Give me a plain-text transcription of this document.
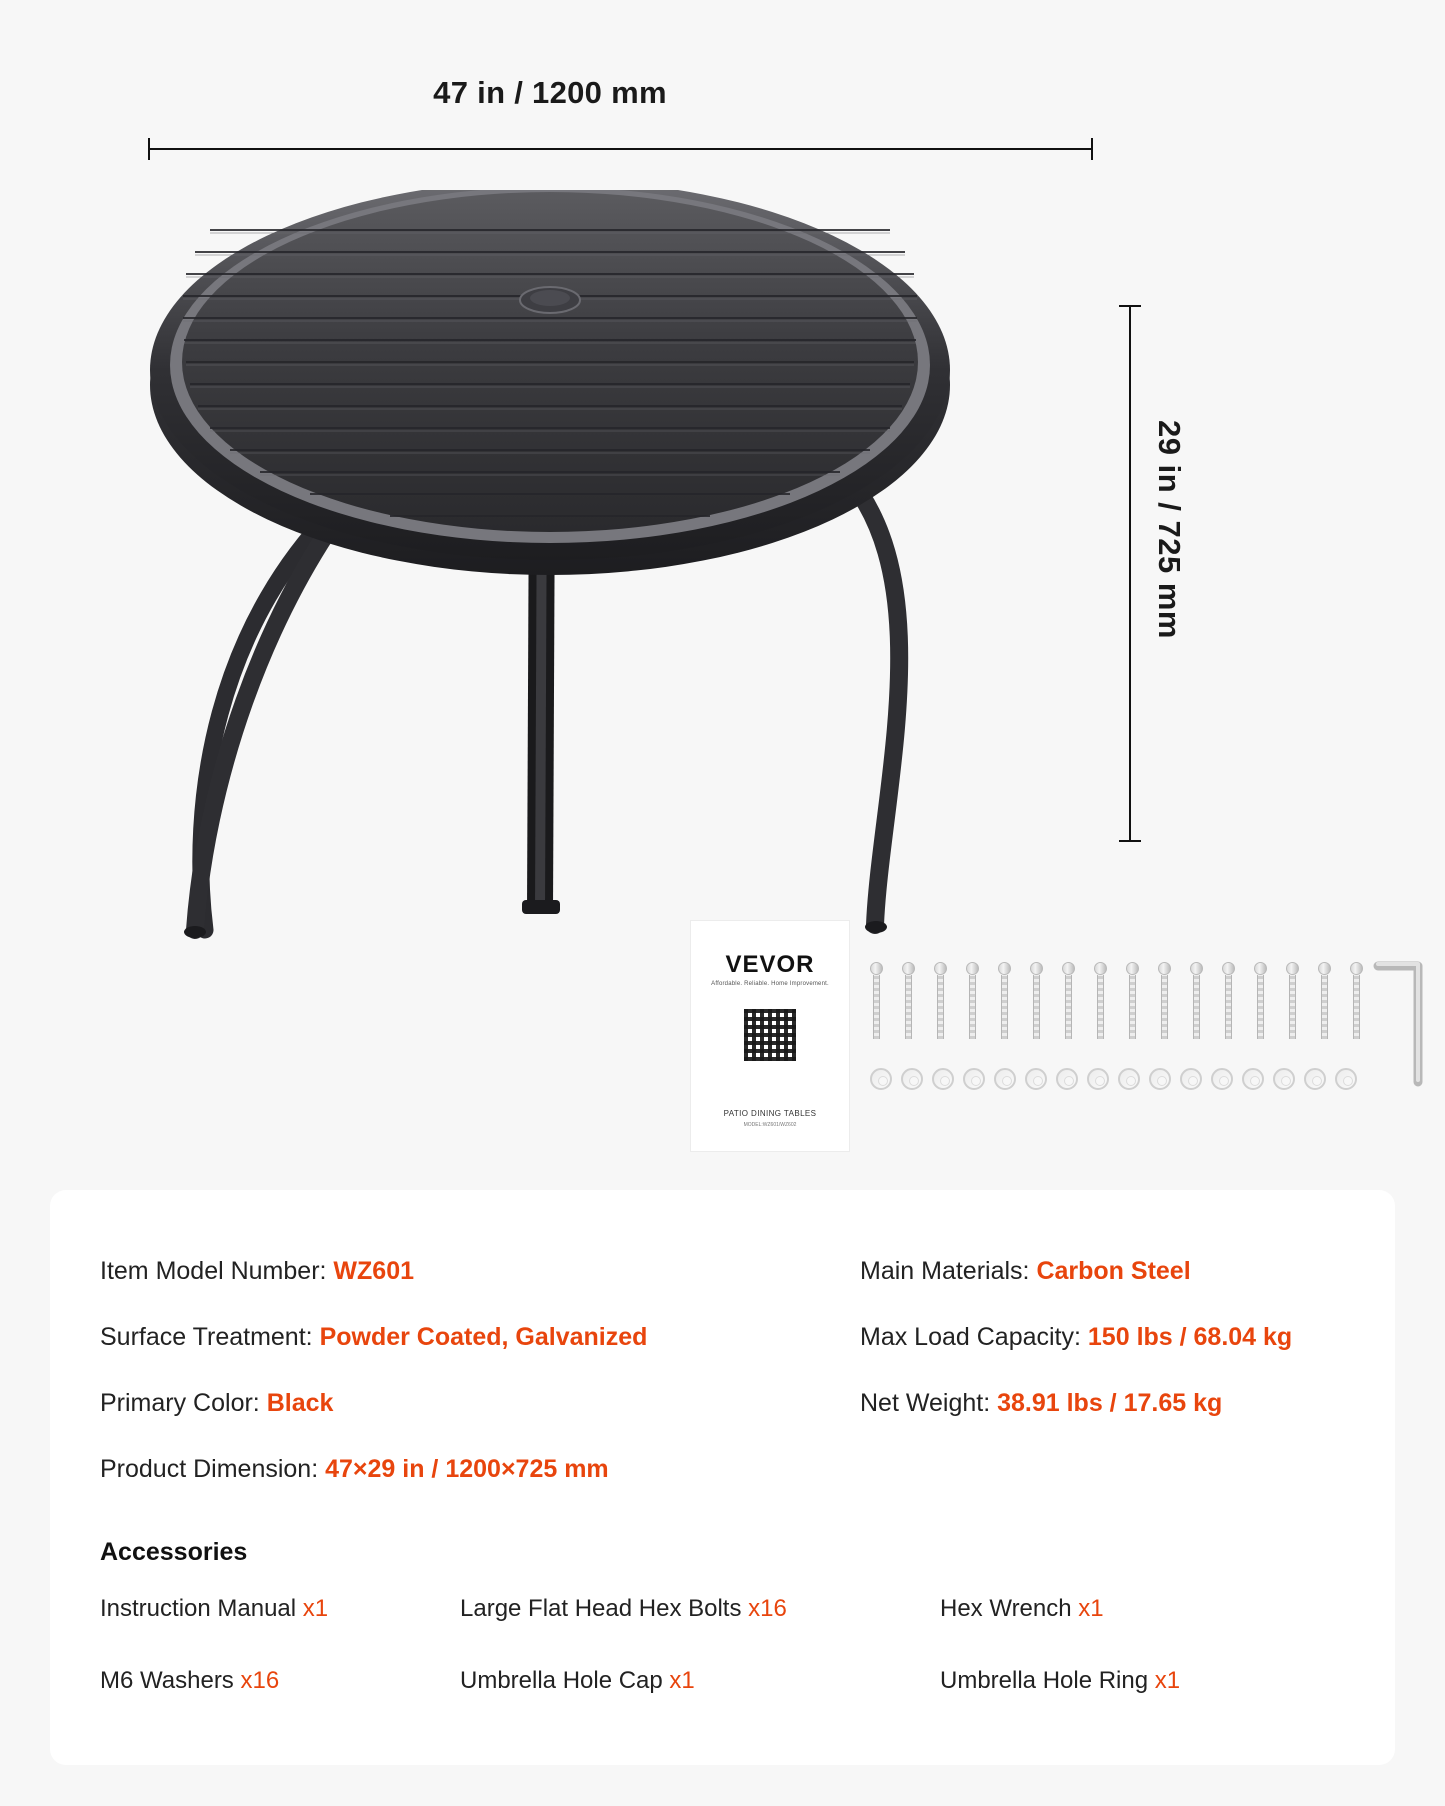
47 in / 1200 mm
29 in / 725 mm
VEVOR
Affordable. Reliable. Home Improvement.
PATIO DINING TABLES
MODEL:WZ601/WZ602
Item Model Number: WZ601	Main Materials: Carbon Steel
Surface Treatment: Powder Coated, Galvanized	Max Load Capacity: 150 lbs / 68.04 kg
Primary Color: Black	Net Weight: 38.91 lbs / 17.65 kg
Product Dimension: 47×29 in / 1200×725 mm
Accessories
Instruction Manual x1	Large Flat Head Hex Bolts x16	Hex Wrench x1
M6 Washers x16	Umbrella Hole Cap x1	Umbrella Hole Ring x1
